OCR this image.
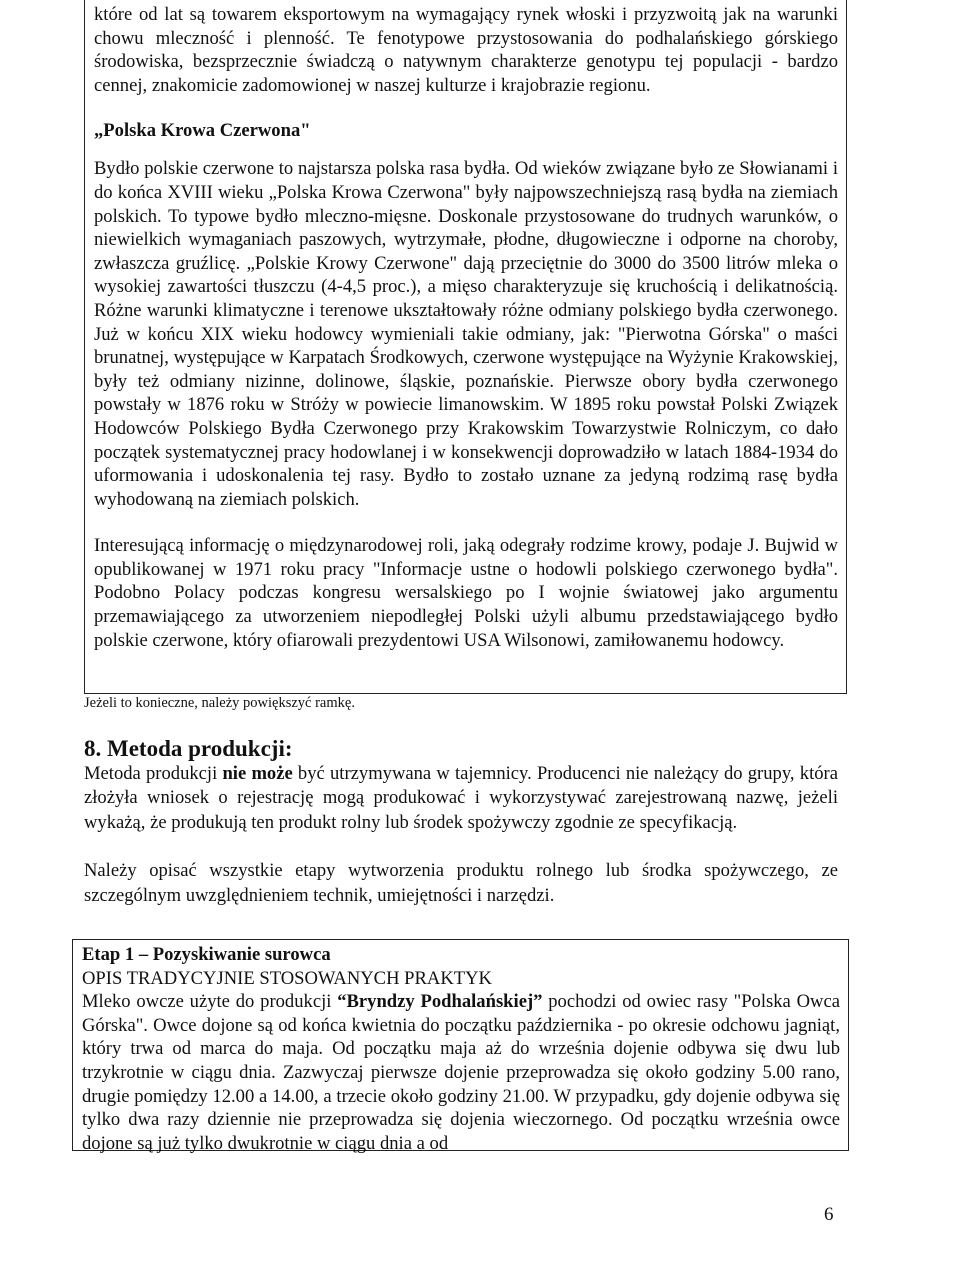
które od lat są towarem eksportowym na wymagający rynek włoski i przyzwoitą jak na warunki chowu mleczność i plenność. Te fenotypowe przystosowania do podhalańskiego górskiego środowiska, bezsprzecznie świadczą o natywnym charakterze genotypu tej populacji - bardzo cennej, znakomicie zadomowionej w naszej kulturze i krajobrazie regionu.

„Polska Krowa Czerwona"

Bydło polskie czerwone to najstarsza polska rasa bydła. Od wieków związane było ze Słowianami i do końca XVIII wieku „Polska Krowa Czerwona" były najpowszechniejszą rasą bydła na ziemiach polskich. To typowe bydło mleczno-mięsne. Doskonale przystosowane do trudnych warunków, o niewielkich wymaganiach paszowych, wytrzymałe, płodne, długowieczne i odporne na choroby, zwłaszcza gruźlicę. „Polskie Krowy Czerwone" dają przeciętnie do 3000 do 3500 litrów mleka o wysokiej zawartości tłuszczu (4-4,5 proc.), a mięso charakteryzuje się kruchością i delikatnością. Różne warunki klimatyczne i terenowe ukształtowały różne odmiany polskiego bydła czerwonego. Już w końcu XIX wieku hodowcy wymieniali takie odmiany, jak: "Pierwotna Górska" o maści brunatnej, występujące w Karpatach Środkowych, czerwone występujące na Wyżynie Krakowskiej, były też odmiany nizinne, dolinowe, śląskie, poznańskie. Pierwsze obory bydła czerwonego powstały w 1876 roku w Stróży w powiecie limanowskim. W 1895 roku powstał Polski Związek Hodowców Polskiego Bydła Czerwonego przy Krakowskim Towarzystwie Rolniczym, co dało początek systematycznej pracy hodowlanej i w konsekwencji doprowadziło w latach 1884-1934 do uformowania i udoskonalenia tej rasy. Bydło to zostało uznane za jedyną rodzimą rasę bydła wyhodowaną na ziemiach polskich.

Interesującą informację o międzynarodowej roli, jaką odegrały rodzime krowy, podaje J. Bujwid w opublikowanej w 1971 roku pracy "Informacje ustne o hodowli polskiego czerwonego bydła". Podobno Polacy podczas kongresu wersalskiego po I wojnie światowej jako argumentu przemawiającego za utworzeniem niepodległej Polski użyli albumu przedstawiającego bydło polskie czerwone, który ofiarowali prezydentowi USA Wilsonowi, zamiłowanemu hodowcy.

Jeżeli to konieczne, należy powiększyć ramkę.
8. Metoda produkcji:

Metoda produkcji nie może być utrzymywana w tajemnicy. Producenci nie należący do grupy, która złożyła wniosek o rejestrację mogą produkować i wykorzystywać zarejestrowaną nazwę, jeżeli wykażą, że produkują ten produkt rolny lub środek spożywczy zgodnie ze specyfikacją.

Należy opisać wszystkie etapy wytworzenia produktu rolnego lub środka spożywczego, ze szczególnym uwzględnieniem technik, umiejętności i narzędzi.

Etap 1 – Pozyskiwanie surowca

OPIS TRADYCYJNIE STOSOWANYCH PRAKTYK

Mleko owcze użyte do produkcji “Bryndzy Podhalańskiej” pochodzi od owiec rasy "Polska Owca Górska". Owce dojone są od końca kwietnia do początku października - po okresie odchowu jagniąt, który trwa od marca do maja. Od początku maja aż do września dojenie odbywa się dwu lub trzykrotnie w ciągu dnia. Zazwyczaj pierwsze dojenie przeprowadza się około godziny 5.00 rano, drugie pomiędzy 12.00 a 14.00, a trzecie około godziny 21.00. W przypadku, gdy dojenie odbywa się tylko dwa razy dziennie nie przeprowadza się dojenia wieczornego. Od początku września owce dojone są już tylko dwukrotnie w ciągu dnia a od

6
